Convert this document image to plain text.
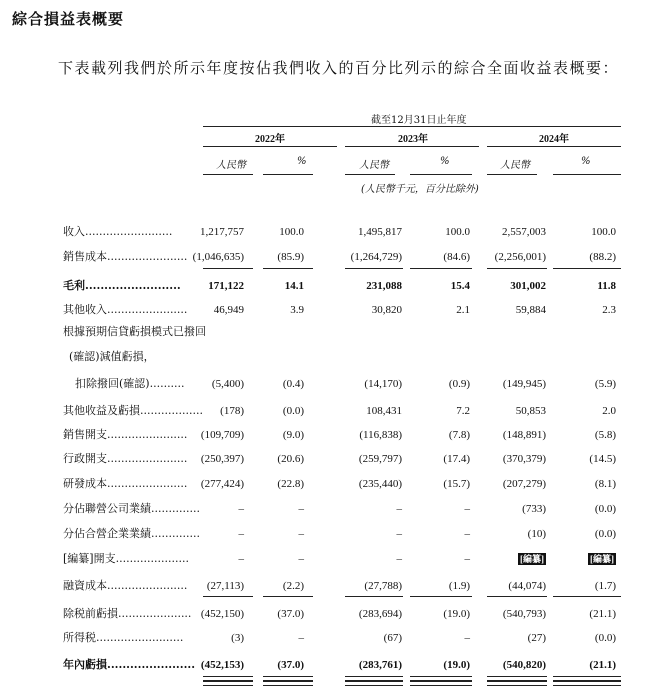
綜合損益表概要
下表載列我們於所示年度按佔我們收入的百分比列示的綜合全面收益表概要：
截至12月31日止年度
2022年	2023年	2024年
人民幣	%	人民幣	%	人民幣	%
(人民幣千元，百分比除外)
收入.........................	1,217,757	100.0	1,495,817	100.0	2,557,003	100.0
銷售成本....................... (1,046,635)	(85.9)	(1,264,729)	(84.6) (2,256,001)	(88.2)
毛利.........................	171,122	14.1	231,088	15.4	301,002	11.8
其他收入....................... 46,949	3.9	30,820	2.1	59,884	2.3
根據預期信貸虧損模式已撥回
(確認)減值虧損，
扣除撥回(確認).......... (5,400)	(0.4)	(14,170)	(0.9)	(149,945)	(5.9)
其他收益及虧損.................. (178)	(0.0)	108,431	7.2	50,853	2.0
銷售開支....................... (109,709)	(9.0)	(116,838)	(7.8)	(148,891)	(5.8)
行政開支....................... (250,397)	(20.6)	(259,797)	(17.4)	(370,379)	(14.5)
研發成本....................... (277,424)	(22.8)	(235,440)	(15.7)	(207,279)	(8.1)
分佔聯營公司業績..............	–	–	–	–	(733)	(0.0)
分佔合營企業業績..............	–	–	–	–	(10)	(0.0)
[編纂]開支.....................	–	–	–	–	[編纂]	[編纂]
融資成本....................... (27,113)	(2.2)	(27,788)	(1.9)	(44,074)	(1.7)
除税前虧損..................... (452,150)	(37.0)	(283,694)	(19.0)	(540,793)	(21.1)
所得税.........................	(3)	–	(67)	–	(27)	(0.0)
年內虧損....................... (452,153)	(37.0)	(283,761)	(19.0)	(540,820)	(21.1)
